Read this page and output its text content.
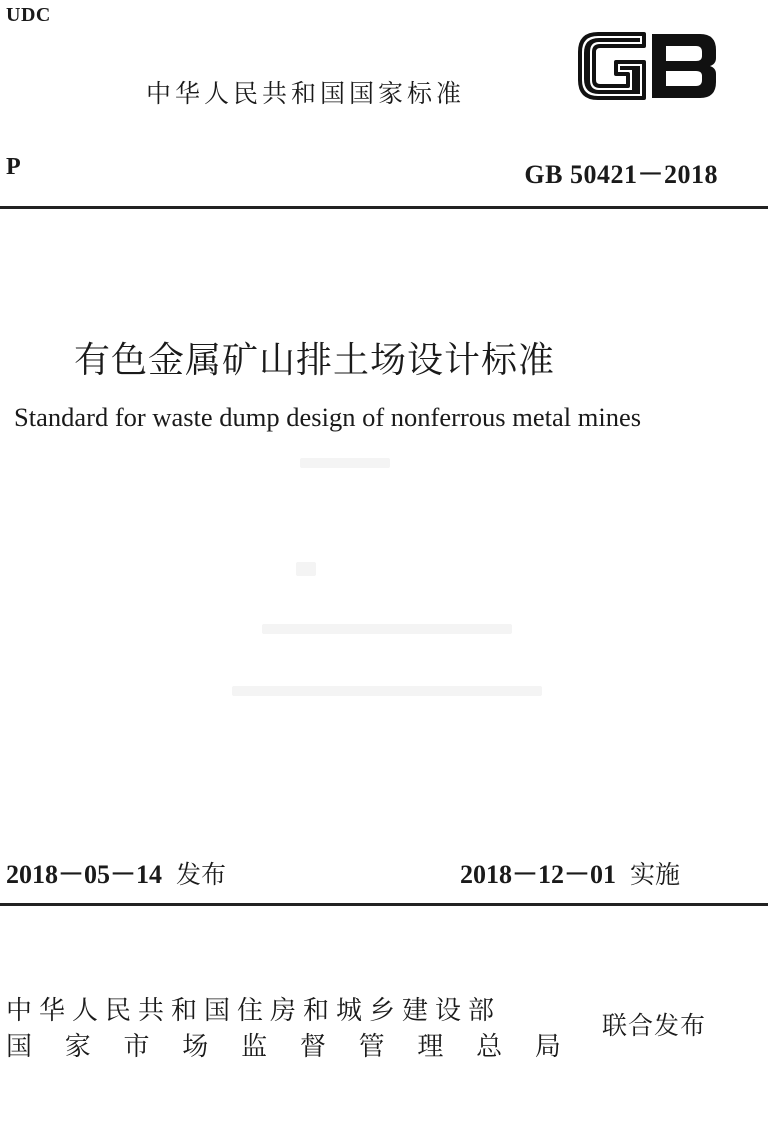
UDC
中华人民共和国国家标准
P	GB 50421－2018
有色金属矿山排土场设计标准
Standard for waste dump design of nonferrous metal mines
2018－05－14 发布	2018－12－01 实施
中华人民共和国住房和城乡建设部
国 家 市 场 监 督 管 理 总 局
联合发布
